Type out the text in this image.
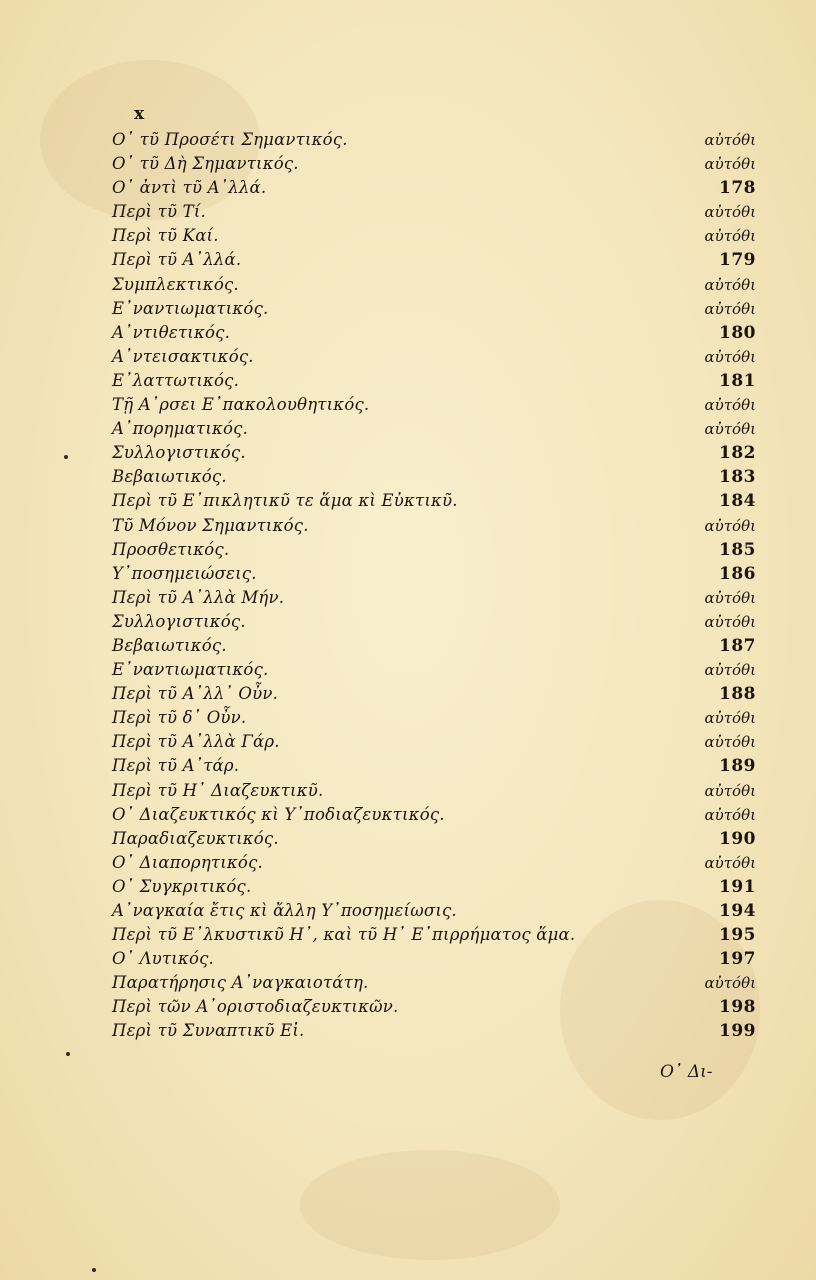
x
Ο᾽ τῦ Προσέτι Σημαντικός.	αὐτόθι
Ο᾽ τῦ Δὴ Σημαντικός.	αὐτόθι
Ο᾽ ἀντὶ τῦ Α᾽λλά.	178
Περὶ τῦ Τί.	αὐτόθι
Περὶ τῦ Καί.	αὐτόθι
Περὶ τῦ Α᾽λλά.	179
Συμπλεκτικός.	αὐτόθι
Ε᾽ναντιωματικός.	αὐτόθι
Α᾽ντιθετικός.	180
Α᾽ντεισακτικός.	αὐτόθι
Ε᾽λαττωτικός.	181
Τῇ Α᾽ρσει Ε᾽πακολουθητικός.	αὐτόθι
Α᾽πορηματικός.	αὐτόθι
Συλλογιστικός.	182
Βεβαιωτικός.	183
Περὶ τῦ Ε᾽πικλητικῦ τε ἅμα κὶ Εὐκτικῦ.	184
Τῦ Μόνον Σημαντικός.	αὐτόθι
Προσθετικός.	185
Υ᾽ποσημειώσεις.	186
Περὶ τῦ Α᾽λλὰ Μήν.	αὐτόθι
Συλλογιστικός.	αὐτόθι
Βεβαιωτικός.	187
Ε᾽ναντιωματικός.	αὐτόθι
Περὶ τῦ Α᾽λλ᾽ Οὖν.	188
Περὶ τῦ δ᾽ Οὖν.	αὐτόθι
Περὶ τῦ Α᾽λλὰ Γάρ.	αὐτόθι
Περὶ τῦ Α᾽τάρ.	189
Περὶ τῦ Η᾽ Διαζευκτικῦ.	αὐτόθι
Ο᾽ Διαζευκτικός κὶ Υ᾽ποδιαζευκτικός.	αὐτόθι
Παραδιαζευκτικός.	190
Ο᾽ Διαπορητικός.	αὐτόθι
Ο᾽ Συγκριτικός.	191
Α᾽ναγκαία ἔτις κὶ ἄλλη Υ᾽ποσημείωσις.	194
Περὶ τῦ Ε᾽λκυστικῦ Η᾽, καὶ τῦ Η᾽ Ε᾽πιρρήματος ἅμα.	195
Ο᾽ Λυτικός.	197
Παρατήρησις Α᾽ναγκαιοτάτη.	αὐτόθι
Περὶ τῶν Α᾽οριστοδιαζευκτικῶν.	198
Περὶ τῦ Συναπτικῦ Εἰ.	199
Ο᾽ Δι-
